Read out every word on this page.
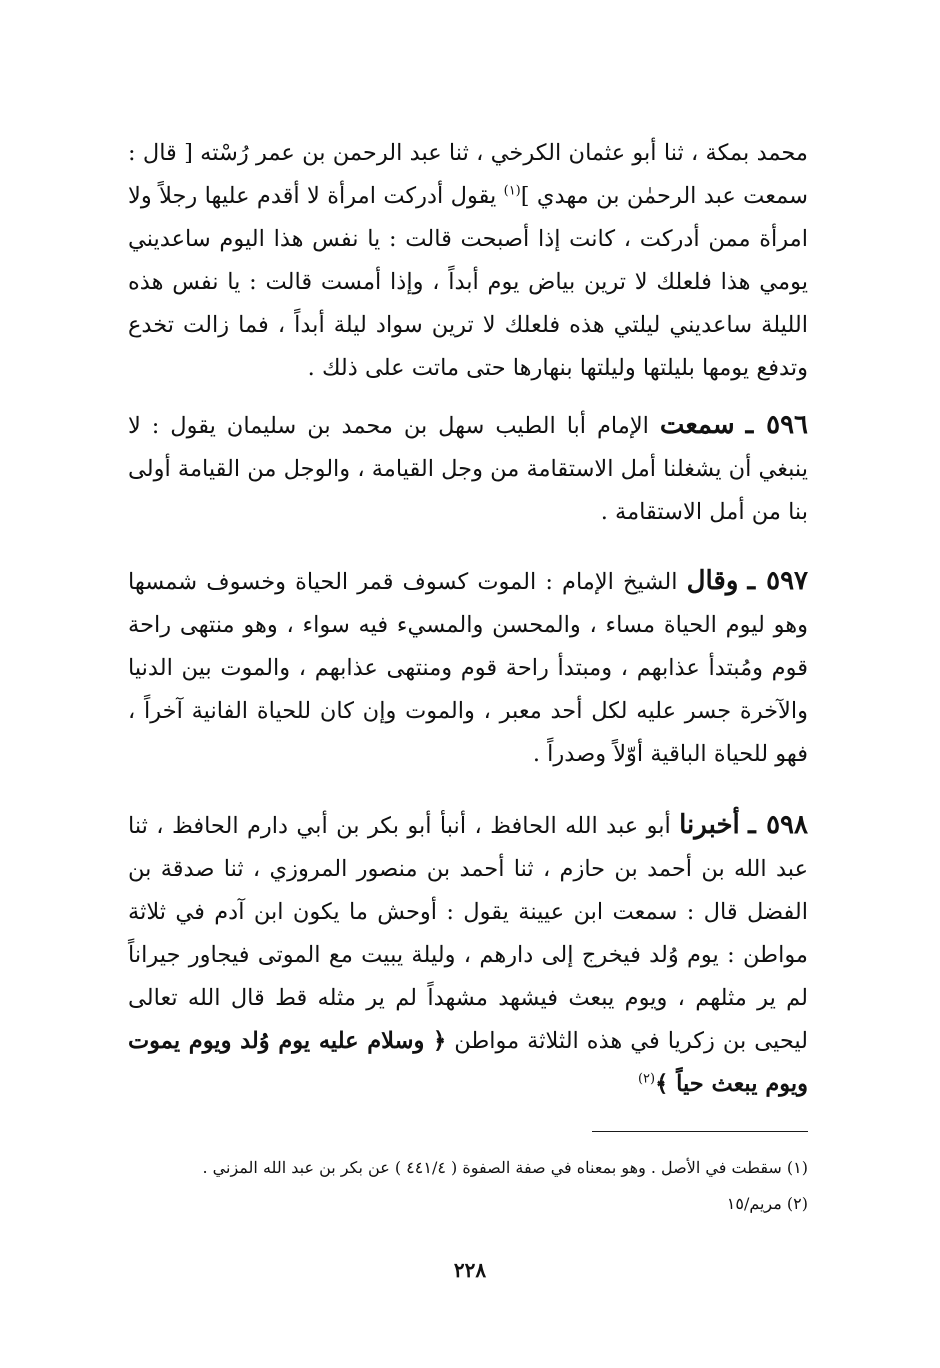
محمد بمكة ، ثنا أبو عثمان الكرخي ، ثنا عبد الرحمن بن عمر رُسْته [ قال : سمعت عبد الرحمٰن بن مهدي ]$^{(١)}$ يقول أدركت امرأة لا أقدم عليها رجلاً ولا امرأة ممن أدركت ، كانت إذا أصبحت قالت : يا نفس هذا اليوم ساعديني يومي هذا فلعلك لا ترين بياض يوم أبداً ، وإذا أمست قالت : يا نفس هذه الليلة ساعديني ليلتي هذه فلعلك لا ترين سواد ليلة أبداً ، فما زالت تخدع وتدفع يومها بليلتها وليلتها بنهارها حتى ماتت على ذلك .

٥٩٦ ـ سمعت الإمام أبا الطيب سهل بن محمد بن سليمان يقول : لا ينبغي أن يشغلنا أمل الاستقامة من وجل القيامة ، والوجل من القيامة أولى بنا من أمل الاستقامة .

٥٩٧ ـ وقال الشيخ الإمام : الموت كسوف قمر الحياة وخسوف شمسها وهو ليوم الحياة مساء ، والمحسن والمسيء فيه سواء ، وهو منتهى راحة قوم ومُبتدأ عذابهم ، ومبتدأ راحة قوم ومنتهى عذابهم ، والموت بين الدنيا والآخرة جسر عليه لكل أحد معبر ، والموت وإن كان للحياة الفانية آخراً ، فهو للحياة الباقية أوّلاً وصدراً .

٥٩٨ ـ أخبرنا أبو عبد الله الحافظ ، أنبأ أبو بكر بن أبي دارم الحافظ ، ثنا عبد الله بن أحمد بن حازم ، ثنا أحمد بن منصور المروزي ، ثنا صدقة بن الفضل قال : سمعت ابن عيينة يقول : أوحش ما يكون ابن آدم في ثلاثة مواطن : يوم وُلد فيخرج إلى دارهم ، وليلة يبيت مع الموتى فيجاور جيراناً لم ير مثلهم ، ويوم يبعث فيشهد مشهداً لم ير مثله قط قال الله تعالى ليحيى بن زكريا في هذه الثلاثة مواطن ﴿ وسلام عليه يوم وُلد ويوم يموت ويوم يبعث حياً ﴾$^{(٢)}$

(١) سقطت في الأصل . وهو بمعناه في صفة الصفوة ( ٤٤١/٤ ) عن بكر بن عبد الله المزني .
(٢) مريم/١٥
٢٢٨
